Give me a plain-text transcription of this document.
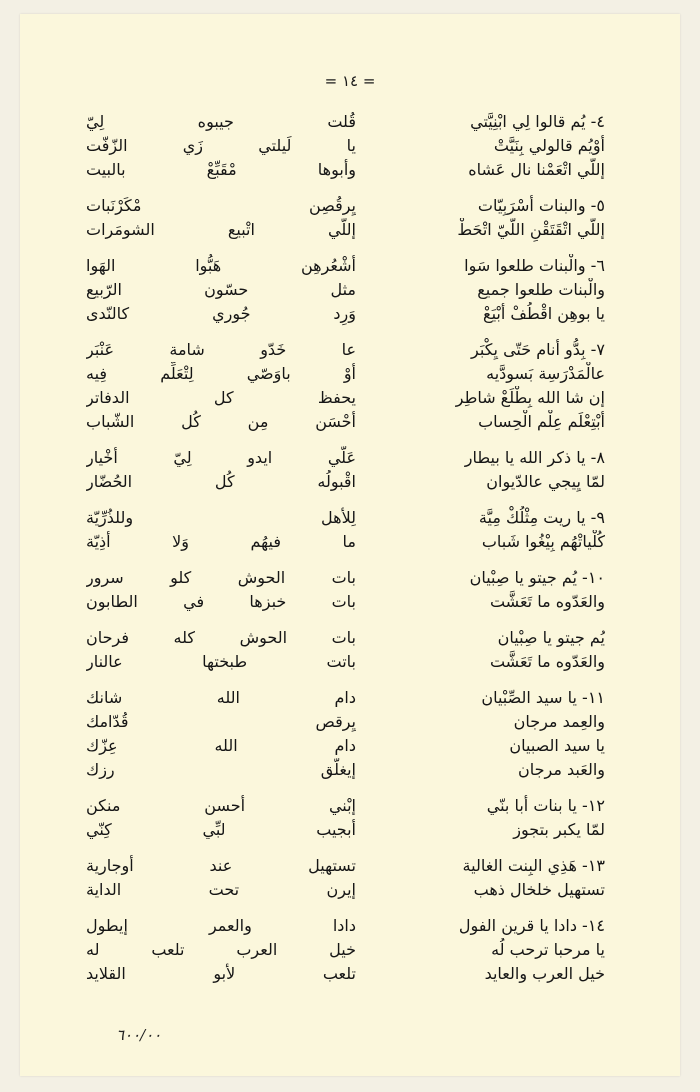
= ١٤ =
٤- يُم قالوا لِي ابْنِيَّتي
أوْيُم قالولي بِنَيَّتْ
إللّي اتْعَمْنا نال عَشاه
٥- والبنات أسْرَبِيّات
إللّي اتْقَتَقْنِ اللّيّ اتْحَطْ
٦- والْبنات طلعوا سَوا
والْبنات طلعوا جميع
يا بوهِن اقْطُفْ أبْيَعْ
٧- بِدُّو أنام حَتّى يِكْبَر
عالْمَدْرَسِة بَسودَّيه
إن شا الله بِطْلَعْ شاطِر
أبْتِعْلَم عِلْم الْحِساب
٨- يا ذكر الله يا بيطار
لمّا يِيجي عالدّيوان
٩- يا ريت مِثْلُكْ مِيَّة
كُلْياتْهُم بِيْغُوا شَباب
١٠- يُم جيتو يا صِبْيان
والعَدّوه ما تَعَشَّت
يُم جيتو يا صِبْيان
والعَدّوه ما تَعَشَّت
١١- يا سيد الصِّبْيان
والعِمد مرجان
يا سيد الصبيان
والعَبد مرجان
١٢- يا بنات أبا بنّي
لمّا يكبر بتجوز
١٣- هَذِي البِنت الغالية
تستهيل خلخال ذهب
١٤- دادا يا قرين الفول
يا مرحبا ترحب لُه
خيل العرب والعايد
قُلت جيبوه لِيّ
يا لَيلتي زَي الزّفّت
وأبوها مْقَبِّعْ بالبيت
يِرقُصِن مْكَرْنَبات
إللّي اتْبيع الشومَرات
أشْعُرهِن هَبُّوا الهَوا
مثل حسّون الرّبيع
وَرِد جُوري كالنّدى
عا خَدّو شامة عَنْبَر
أوْ باوَصّي لِتْعَلِّم فِيه
يحفظ كل الدفاتر
أحْسَن مِن كُل الشّباب
عَلّي ايدو لِيّ أخْيار
اقْبولُه كُل الحُضّار
لِلأهل وللذُرِّيّة
ما فيهُم وَلا أذِيّة
بات الحوش كلو سرور
بات خبزها في الطابون
بات الحوش كله فرحان
باتت طبختها عالنار
دام الله شانك
يِرقص قُدّامك
دام الله عِزّك
إيغلّق رزك
إبْني أحسن منكن
أبجيب لبِّي كِنّي
تستهيل عند أوجارية
إيرن تحت الداية
دادا والعمر إيطول
خيل العرب تلعب له
تلعب لأبو القلايد
٦٠٠/٠٠
